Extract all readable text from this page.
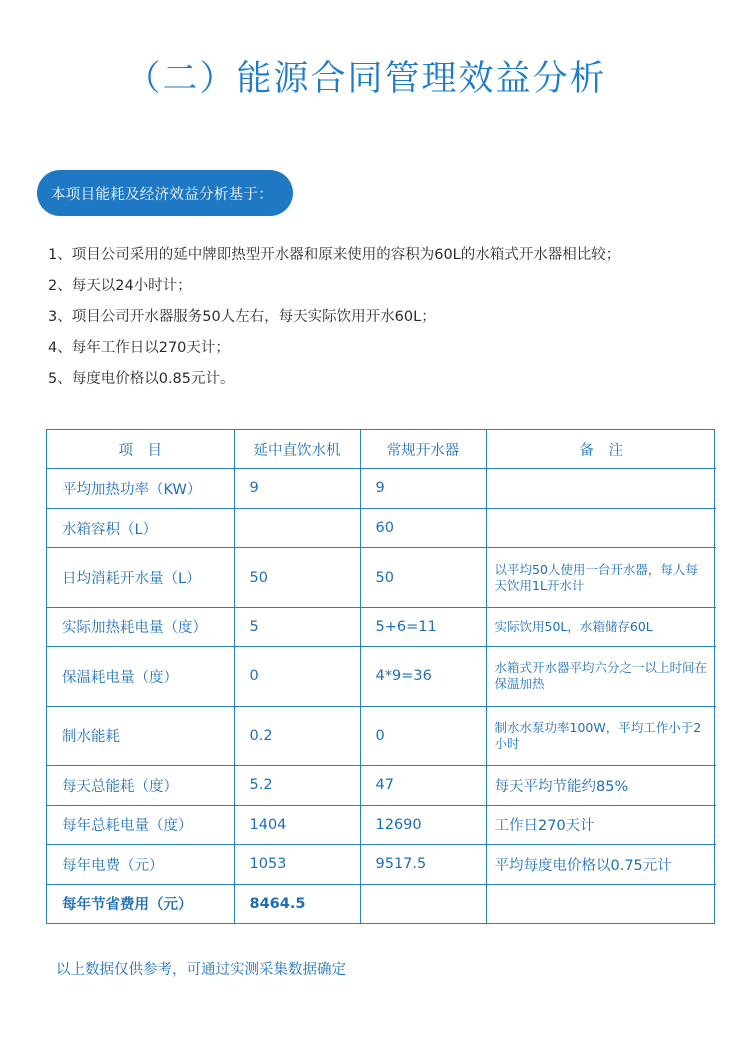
（二）能源合同管理效益分析
本项目能耗及经济效益分析基于：
1、项目公司采用的延中牌即热型开水器和原来使用的容积为60L的水箱式开水器相比较；
2、每天以24小时计；
3、项目公司开水器服务50人左右，每天实际饮用开水60L；
4、每年工作日以270天计；
5、每度电价格以0.85元计。
项　目	延中直饮水机	常规开水器	备　注
平均加热功率（KW）	9	9	
水箱容积（L）		60	
日均消耗开水量（L）	50	50	以平均50人使用一台开水器，每人每天饮用1L开水计
实际加热耗电量（度）	5	5+6=11	实际饮用50L，水箱储存60L
保温耗电量（度）	0	4*9=36	水箱式开水器平均六分之一以上时间在保温加热
制水能耗	0.2	0	制水水泵功率100W，平均工作小于2小时
每天总能耗（度）	5.2	47	每天平均节能约85%
每年总耗电量（度）	1404	12690	工作日270天计
每年电费（元）	1053	9517.5	平均每度电价格以0.75元计
每年节省费用（元）	8464.5		
以上数据仅供参考，可通过实测采集数据确定
